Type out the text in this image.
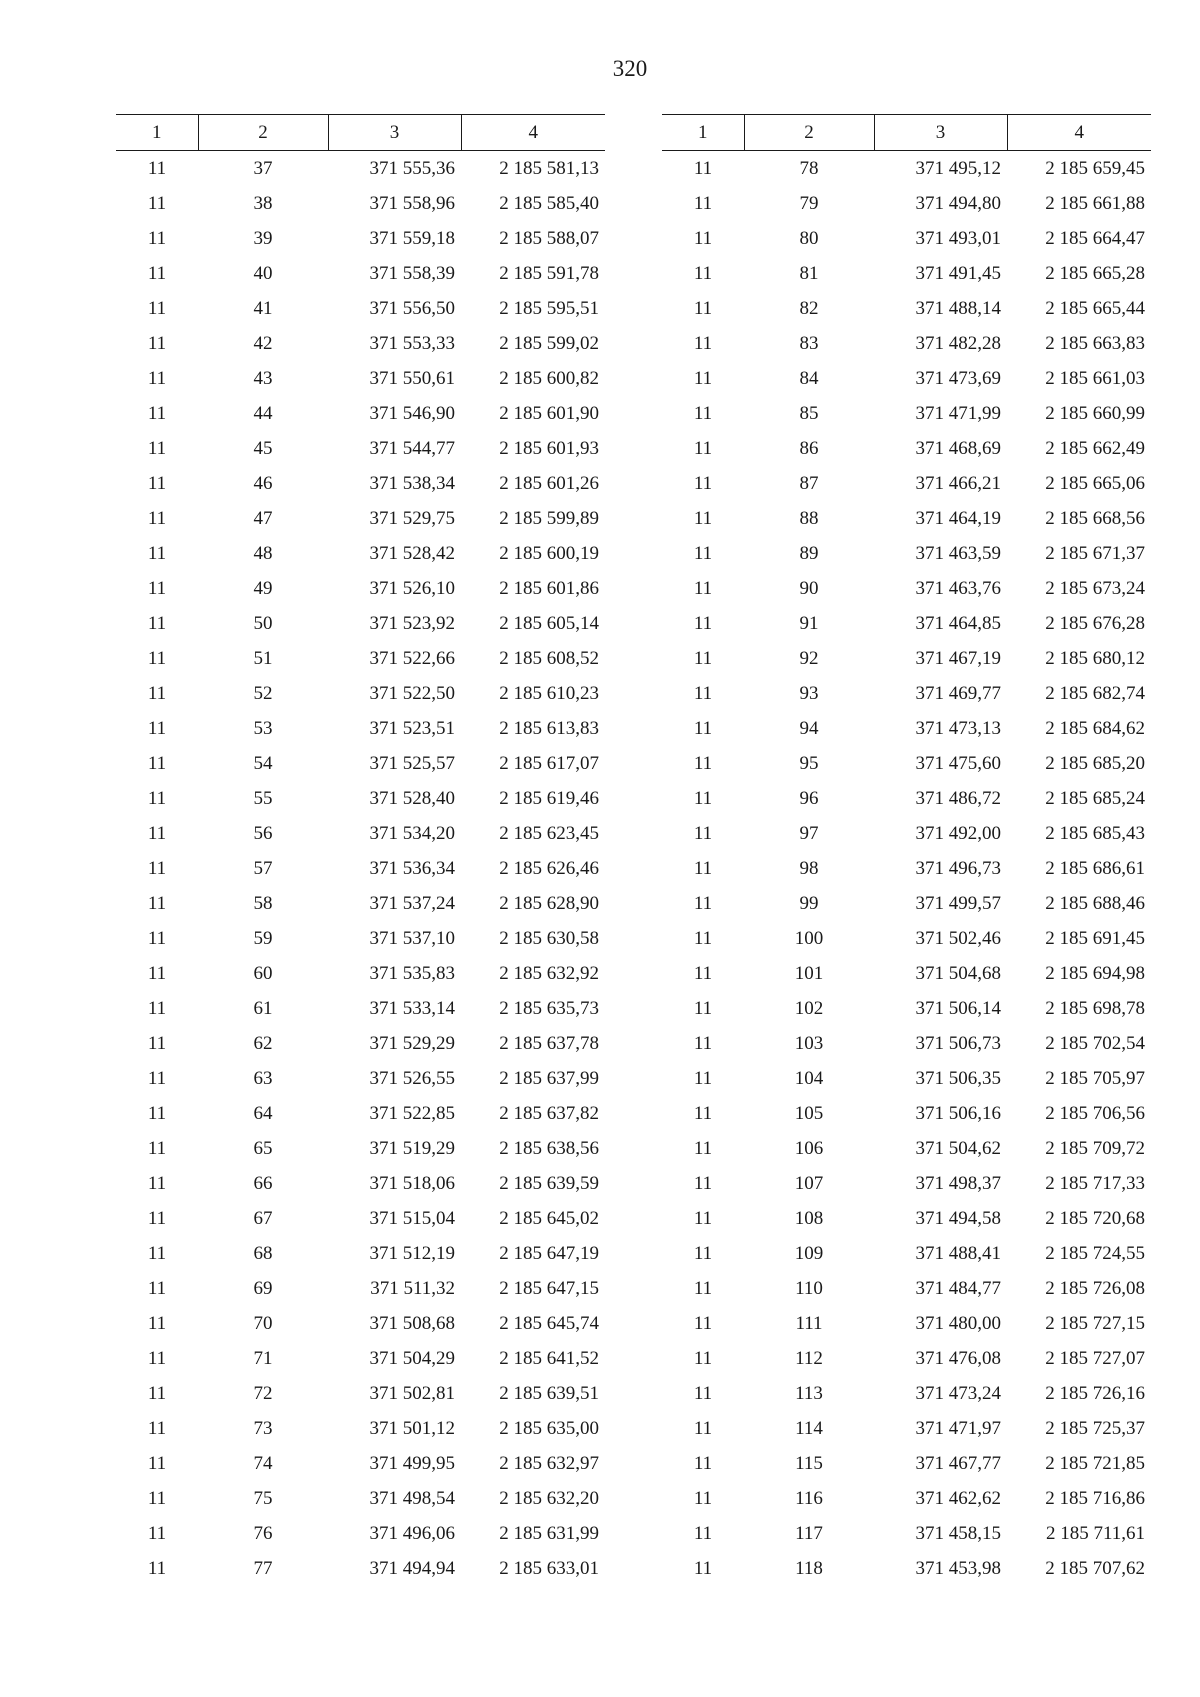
320
1	2	3	4
11	37	371 555,36	2 185 581,13
11	38	371 558,96	2 185 585,40
11	39	371 559,18	2 185 588,07
11	40	371 558,39	2 185 591,78
11	41	371 556,50	2 185 595,51
11	42	371 553,33	2 185 599,02
11	43	371 550,61	2 185 600,82
11	44	371 546,90	2 185 601,90
11	45	371 544,77	2 185 601,93
11	46	371 538,34	2 185 601,26
11	47	371 529,75	2 185 599,89
11	48	371 528,42	2 185 600,19
11	49	371 526,10	2 185 601,86
11	50	371 523,92	2 185 605,14
11	51	371 522,66	2 185 608,52
11	52	371 522,50	2 185 610,23
11	53	371 523,51	2 185 613,83
11	54	371 525,57	2 185 617,07
11	55	371 528,40	2 185 619,46
11	56	371 534,20	2 185 623,45
11	57	371 536,34	2 185 626,46
11	58	371 537,24	2 185 628,90
11	59	371 537,10	2 185 630,58
11	60	371 535,83	2 185 632,92
11	61	371 533,14	2 185 635,73
11	62	371 529,29	2 185 637,78
11	63	371 526,55	2 185 637,99
11	64	371 522,85	2 185 637,82
11	65	371 519,29	2 185 638,56
11	66	371 518,06	2 185 639,59
11	67	371 515,04	2 185 645,02
11	68	371 512,19	2 185 647,19
11	69	371 511,32	2 185 647,15
11	70	371 508,68	2 185 645,74
11	71	371 504,29	2 185 641,52
11	72	371 502,81	2 185 639,51
11	73	371 501,12	2 185 635,00
11	74	371 499,95	2 185 632,97
11	75	371 498,54	2 185 632,20
11	76	371 496,06	2 185 631,99
11	77	371 494,94	2 185 633,01
1	2	3	4
11	78	371 495,12	2 185 659,45
11	79	371 494,80	2 185 661,88
11	80	371 493,01	2 185 664,47
11	81	371 491,45	2 185 665,28
11	82	371 488,14	2 185 665,44
11	83	371 482,28	2 185 663,83
11	84	371 473,69	2 185 661,03
11	85	371 471,99	2 185 660,99
11	86	371 468,69	2 185 662,49
11	87	371 466,21	2 185 665,06
11	88	371 464,19	2 185 668,56
11	89	371 463,59	2 185 671,37
11	90	371 463,76	2 185 673,24
11	91	371 464,85	2 185 676,28
11	92	371 467,19	2 185 680,12
11	93	371 469,77	2 185 682,74
11	94	371 473,13	2 185 684,62
11	95	371 475,60	2 185 685,20
11	96	371 486,72	2 185 685,24
11	97	371 492,00	2 185 685,43
11	98	371 496,73	2 185 686,61
11	99	371 499,57	2 185 688,46
11	100	371 502,46	2 185 691,45
11	101	371 504,68	2 185 694,98
11	102	371 506,14	2 185 698,78
11	103	371 506,73	2 185 702,54
11	104	371 506,35	2 185 705,97
11	105	371 506,16	2 185 706,56
11	106	371 504,62	2 185 709,72
11	107	371 498,37	2 185 717,33
11	108	371 494,58	2 185 720,68
11	109	371 488,41	2 185 724,55
11	110	371 484,77	2 185 726,08
11	111	371 480,00	2 185 727,15
11	112	371 476,08	2 185 727,07
11	113	371 473,24	2 185 726,16
11	114	371 471,97	2 185 725,37
11	115	371 467,77	2 185 721,85
11	116	371 462,62	2 185 716,86
11	117	371 458,15	2 185 711,61
11	118	371 453,98	2 185 707,62
